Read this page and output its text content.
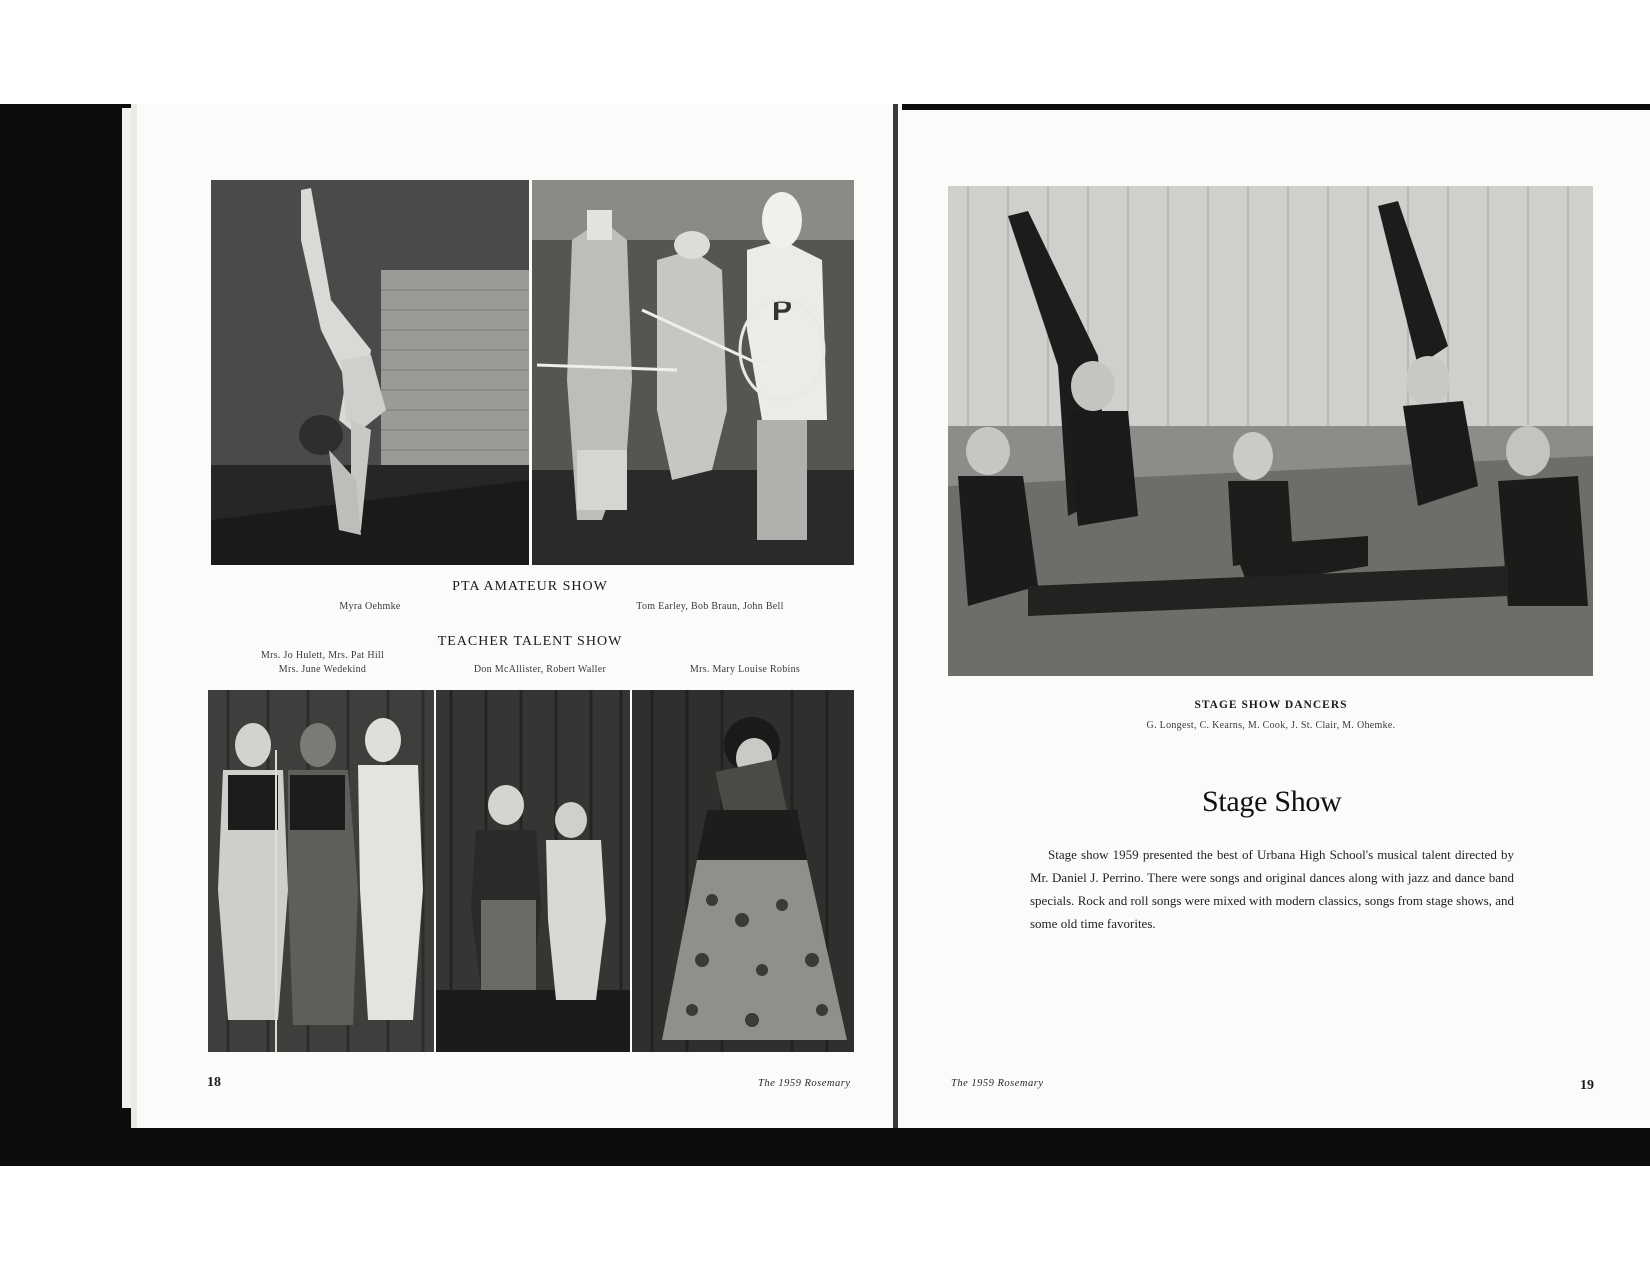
P
PTA AMATEUR SHOW
Myra Oehmke	Tom Earley, Bob Braun, John Bell
TEACHER TALENT SHOW
Mrs. Jo Hulett, Mrs. Pat Hill
Mrs. June Wedekind	Don McAllister, Robert Waller	Mrs. Mary Louise Robins
18	The 1959 Rosemary
STAGE SHOW DANCERS
G. Longest, C. Kearns, M. Cook, J. St. Clair, M. Ohemke.
Stage Show
Stage show 1959 presented the best of Urbana High School's musical talent directed by Mr. Daniel J. Perrino. There were songs and original dances along with jazz and dance band specials. Rock and roll songs were mixed with modern classics, songs from stage shows, and some old time favorites.
The 1959 Rosemary	19
